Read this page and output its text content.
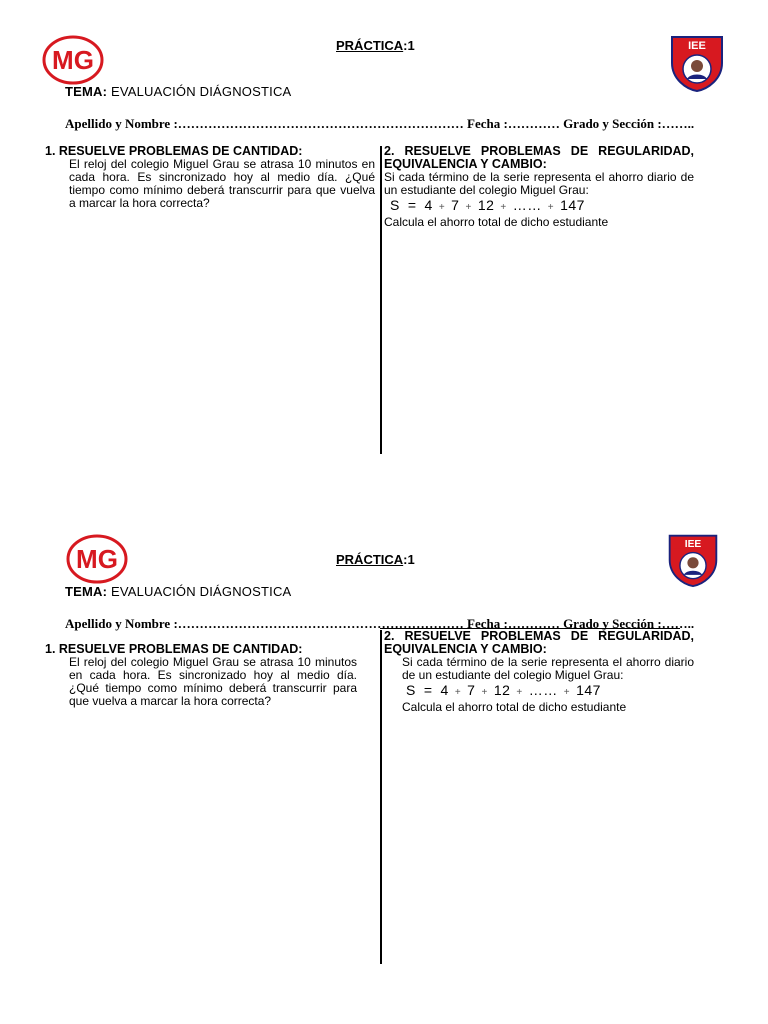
MG	IEE
PRÁCTICA:1
TEMA: EVALUACIÓN DIÁGNOSTICA
Apellido y Nombre :………………………………………………………… Fecha :………… Grado y Sección :……..
1. RESUELVE PROBLEMAS DE CANTIDAD:
El reloj del colegio Miguel Grau se atrasa 10 minutos en cada hora. Es sincronizado hoy al medio día. ¿Qué tiempo como mínimo deberá transcurrir para que vuelva a marcar la hora correcta?
2. RESUELVE PROBLEMAS DE REGULARIDAD, EQUIVALENCIA Y CAMBIO:
Si cada término de la serie representa el ahorro diario de un estudiante del colegio Miguel Grau:
S = 4 + 7 + 12 + …… + 147
Calcula el ahorro total de dicho estudiante
MG	IEE
PRÁCTICA:1
TEMA: EVALUACIÓN DIÁGNOSTICA
Apellido y Nombre :………………………………………………………… Fecha :………… Grado y Sección :……..
1. RESUELVE PROBLEMAS DE CANTIDAD:
El reloj del colegio Miguel Grau se atrasa 10 minutos en cada hora. Es sincronizado hoy al medio día. ¿Qué tiempo como mínimo deberá transcurrir para que vuelva a marcar la hora correcta?
2. RESUELVE PROBLEMAS DE REGULARIDAD, EQUIVALENCIA Y CAMBIO:
Si cada término de la serie representa el ahorro diario de un estudiante del colegio Miguel Grau:
S = 4 + 7 + 12 + …… + 147
Calcula el ahorro total de dicho estudiante
